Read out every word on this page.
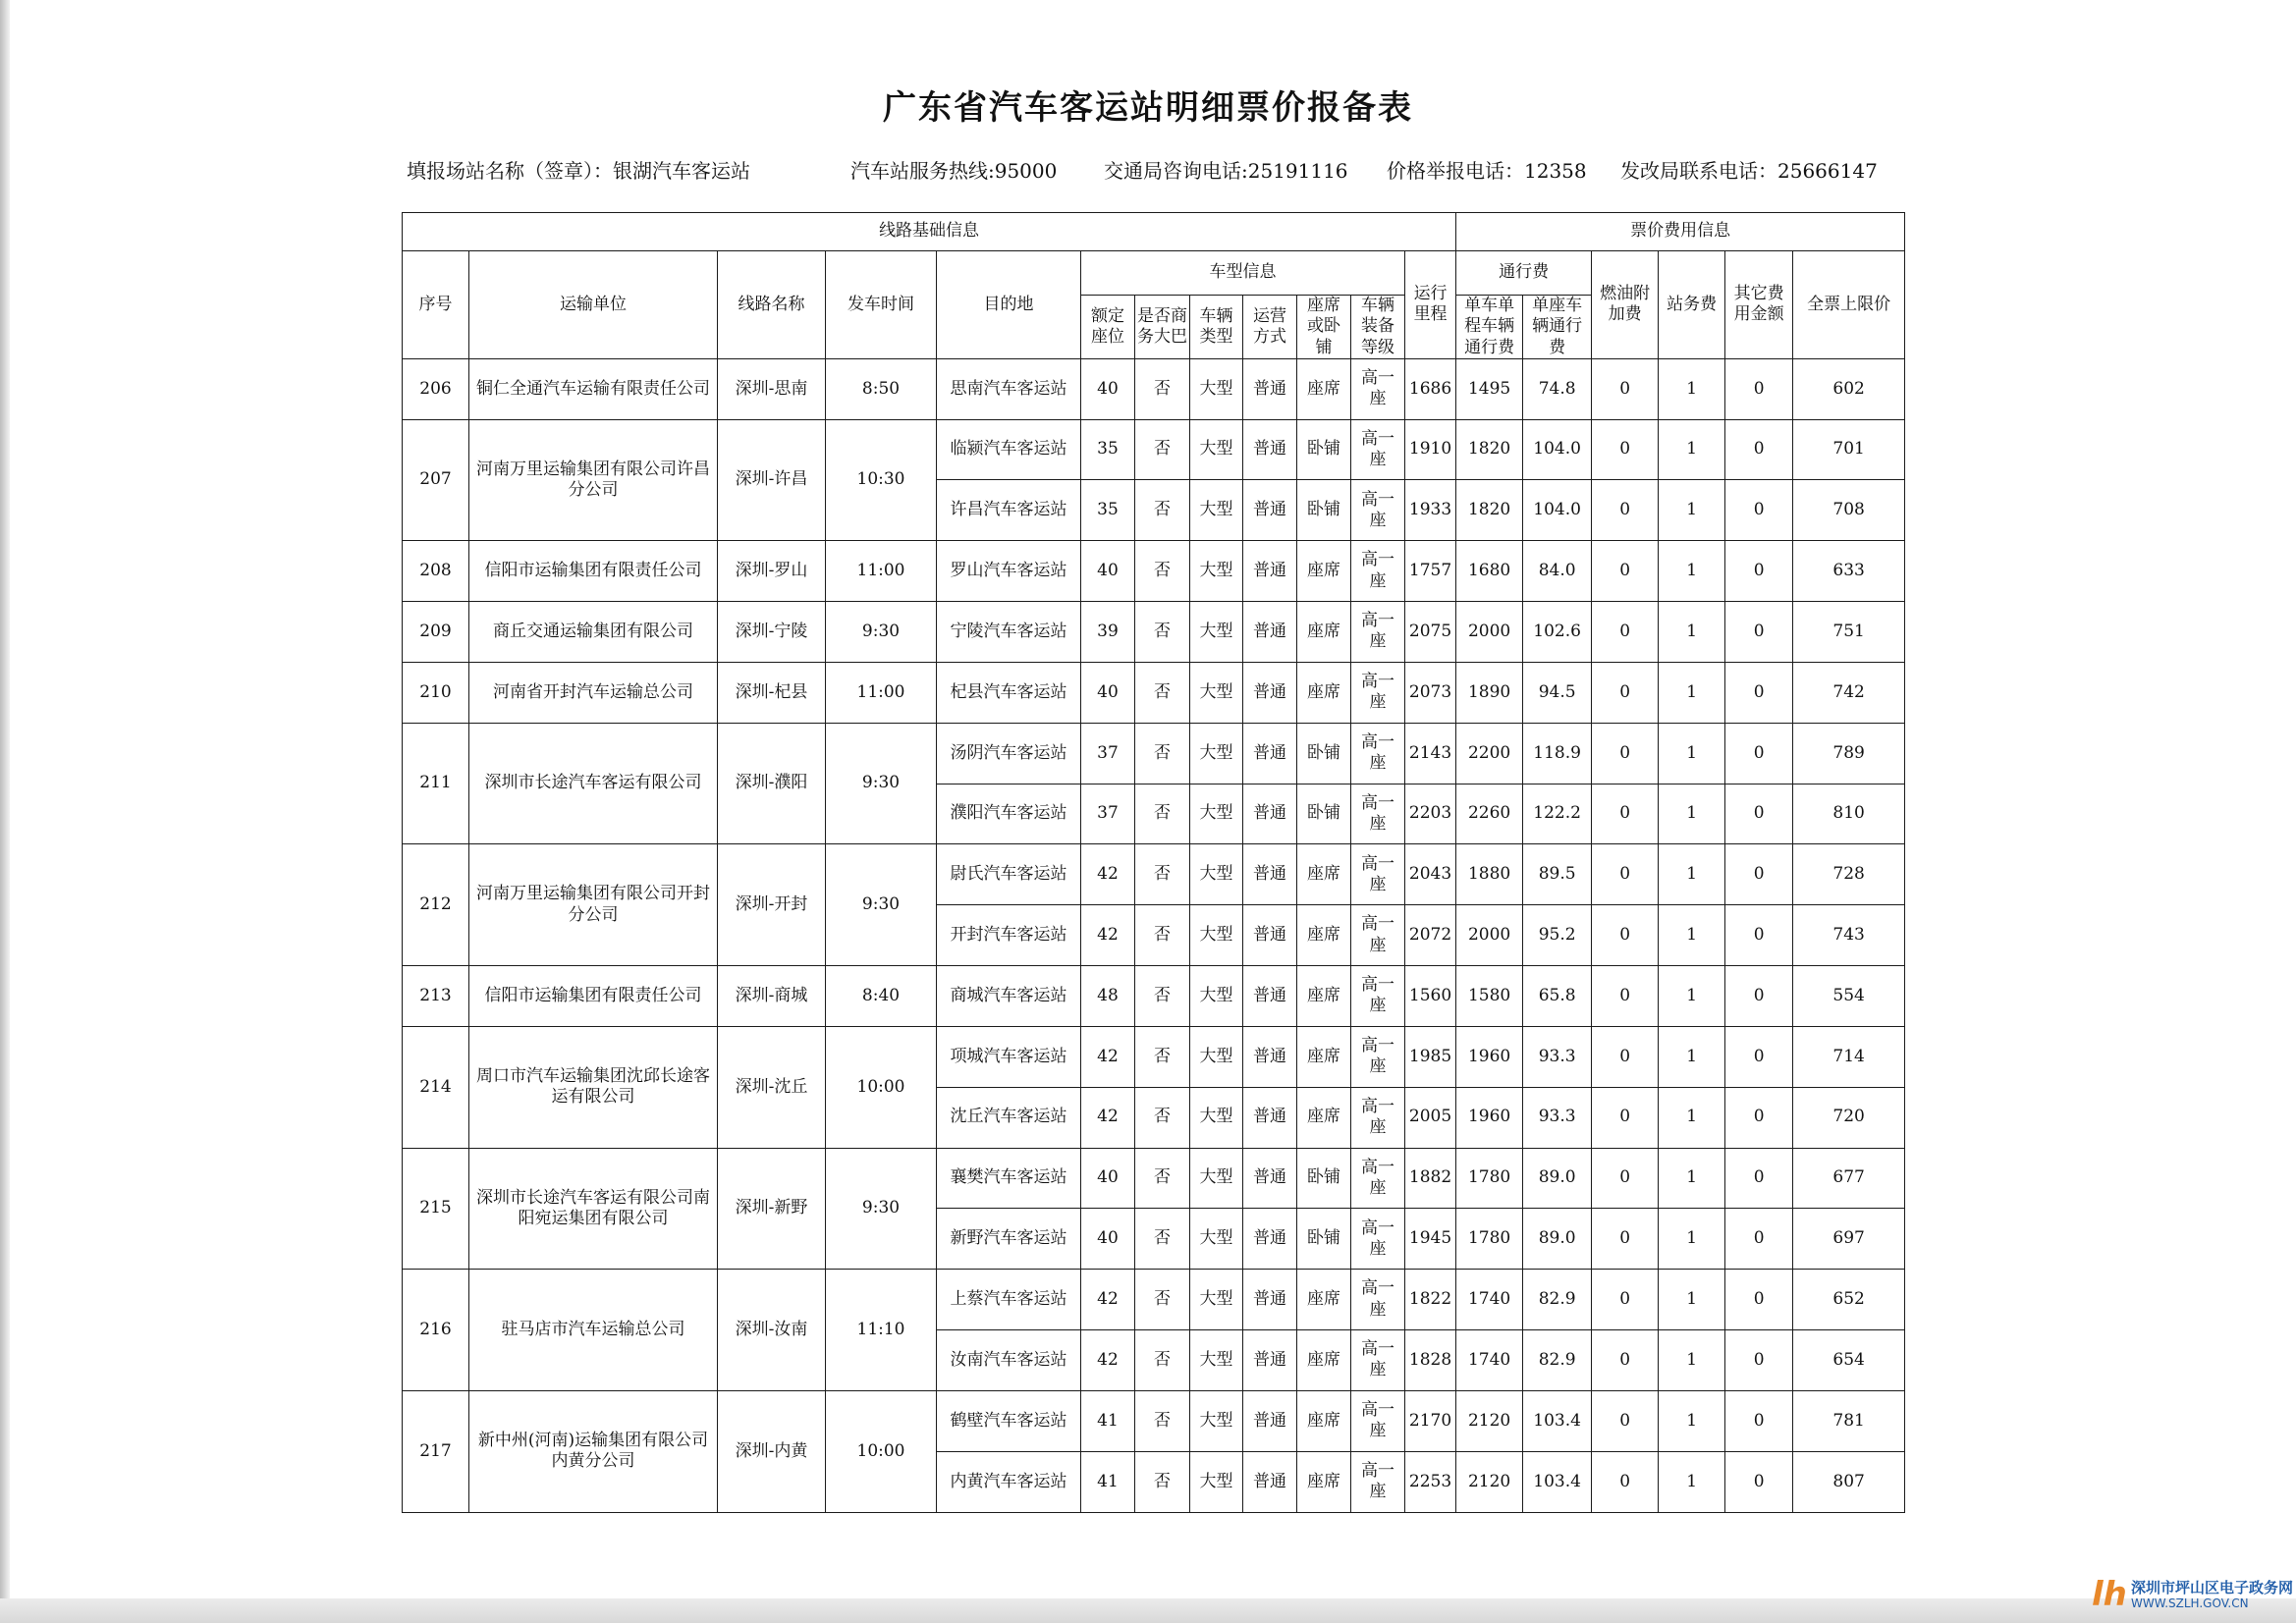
广东省汽车客运站明细票价报备表
填报场站名称（签章）：银湖汽车客运站	汽车站服务热线:95000 交通局咨询电话:25191116 价格举报电话：12358 发改局联系电话：25666147
线路基础信息												票价费用信息					
序号	运输单位	线路名称	发车时间	目的地	车型信息						运行里程	通行费		燃油附加费	站务费	其它费用金额	全票上限价
					额定座位	是否商务大巴	车辆类型	运营方式	座席或卧铺	车辆装备等级		单车单程车辆通行费	单座车辆通行费				

206	铜仁全通汽车运输有限责任公司	深圳-思南	8:50	思南汽车客运站	40	否	大型	普通	座席	高一座	1686	1495	74.8	0	1	0	602
207	河南万里运输集团有限公司许昌分公司	深圳-许昌	10:30	临颍汽车客运站	35	否	大型	普通	卧铺	高一座	1910	1820	104.0	0	1	0	701
				许昌汽车客运站	35	否	大型	普通	卧铺	高一座	1933	1820	104.0	0	1	0	708
208	信阳市运输集团有限责任公司	深圳-罗山	11:00	罗山汽车客运站	40	否	大型	普通	座席	高一座	1757	1680	84.0	0	1	0	633
209	商丘交通运输集团有限公司	深圳-宁陵	9:30	宁陵汽车客运站	39	否	大型	普通	座席	高一座	2075	2000	102.6	0	1	0	751
210	河南省开封汽车运输总公司	深圳-杞县	11:00	杞县汽车客运站	40	否	大型	普通	座席	高一座	2073	1890	94.5	0	1	0	742
211	深圳市长途汽车客运有限公司	深圳-濮阳	9:30	汤阴汽车客运站	37	否	大型	普通	卧铺	高一座	2143	2200	118.9	0	1	0	789
				濮阳汽车客运站	37	否	大型	普通	卧铺	高一座	2203	2260	122.2	0	1	0	810
212	河南万里运输集团有限公司开封分公司	深圳-开封	9:30	尉氏汽车客运站	42	否	大型	普通	座席	高一座	2043	1880	89.5	0	1	0	728
				开封汽车客运站	42	否	大型	普通	座席	高一座	2072	2000	95.2	0	1	0	743
213	信阳市运输集团有限责任公司	深圳-商城	8:40	商城汽车客运站	48	否	大型	普通	座席	高一座	1560	1580	65.8	0	1	0	554
214	周口市汽车运输集团沈邱长途客运有限公司	深圳-沈丘	10:00	项城汽车客运站	42	否	大型	普通	座席	高一座	1985	1960	93.3	0	1	0	714
				沈丘汽车客运站	42	否	大型	普通	座席	高一座	2005	1960	93.3	0	1	0	720
215	深圳市长途汽车客运有限公司南阳宛运集团有限公司	深圳-新野	9:30	襄樊汽车客运站	40	否	大型	普通	卧铺	高一座	1882	1780	89.0	0	1	0	677
				新野汽车客运站	40	否	大型	普通	卧铺	高一座	1945	1780	89.0	0	1	0	697
216	驻马店市汽车运输总公司	深圳-汝南	11:10	上蔡汽车客运站	42	否	大型	普通	座席	高一座	1822	1740	82.9	0	1	0	652
				汝南汽车客运站	42	否	大型	普通	座席	高一座	1828	1740	82.9	0	1	0	654
217	新中州(河南)运输集团有限公司内黄分公司	深圳-内黄	10:00	鹤壁汽车客运站	41	否	大型	普通	座席	高一座	2170	2120	103.4	0	1	0	781
				内黄汽车客运站	41	否	大型	普通	座席	高一座	2253	2120	103.4	0	1	0	807
lh 深圳市坪山区电子政务网
WWW.SZLH.GOV.CN
